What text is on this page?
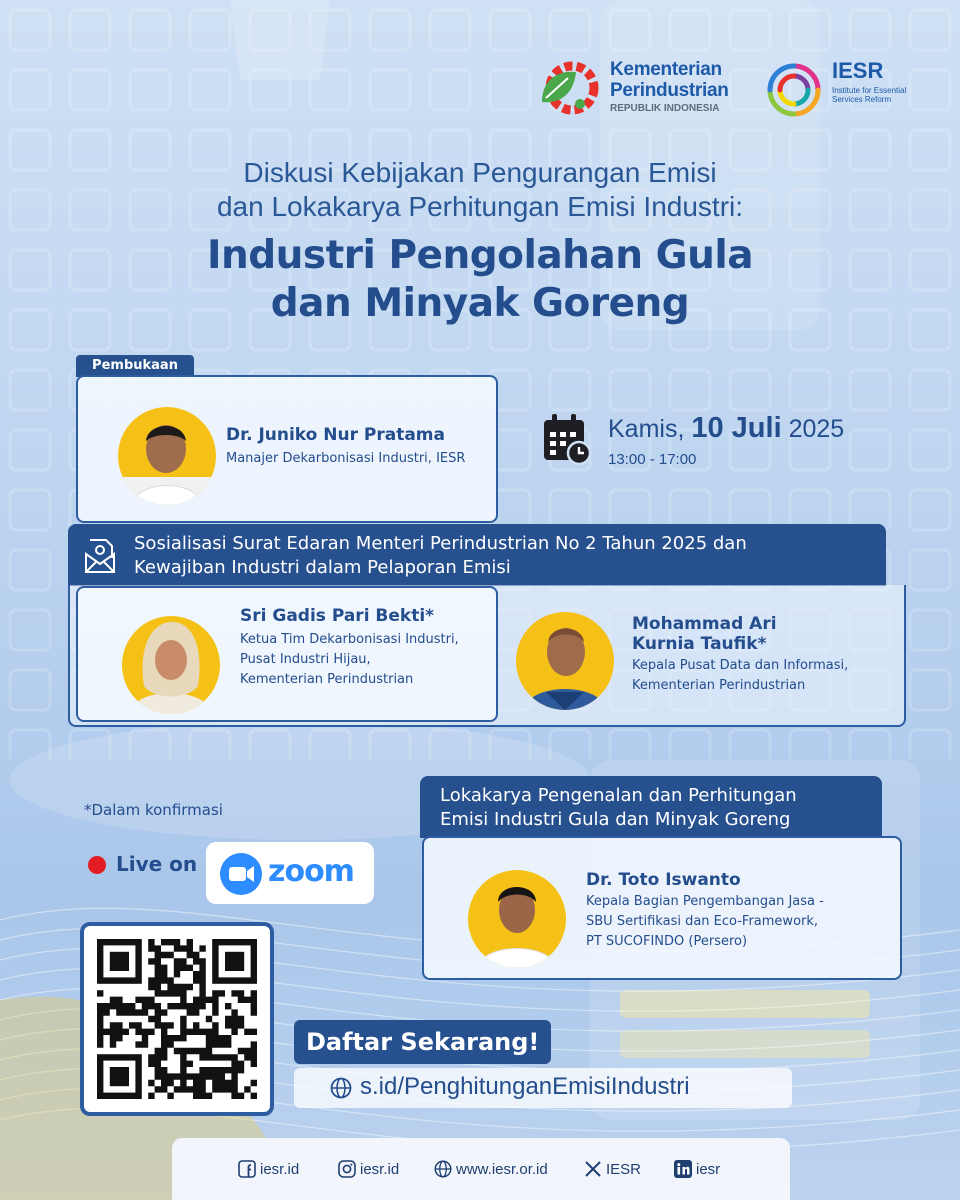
Kementerian
Perindustrian
REPUBLIK INDONESIA
IESR
Institute for Essential Services Reform
Diskusi Kebijakan Pengurangan Emisi
dan Lokakarya Perhitungan Emisi Industri:
Industri Pengolahan Gula
dan Minyak Goreng
Pembukaan
Dr. Juniko Nur Pratama
Manajer Dekarbonisasi Industri, IESR
Kamis, 10 Juli 2025
13:00 - 17:00
Sosialisasi Surat Edaran Menteri Perindustrian No 2 Tahun 2025 dan
Kewajiban Industri dalam Pelaporan Emisi
Sri Gadis Pari Bekti*
Ketua Tim Dekarbonisasi Industri,
Pusat Industri Hijau,
Kementerian Perindustrian
Mohammad Ari
Kurnia Taufik*
Kepala Pusat Data dan Informasi,
Kementerian Perindustrian
*Dalam konfirmasi
Live on zoom
Lokakarya Pengenalan dan Perhitungan
Emisi Industri Gula dan Minyak Goreng
Dr. Toto Iswanto
Kepala Bagian Pengembangan Jasa -
SBU Sertifikasi dan Eco-Framework,
PT SUCOFINDO (Persero)
Daftar Sekarang!
s.id/PenghitunganEmisiIndustri
iesr.id	iesr.id	www.iesr.or.id	IESR	iesr
